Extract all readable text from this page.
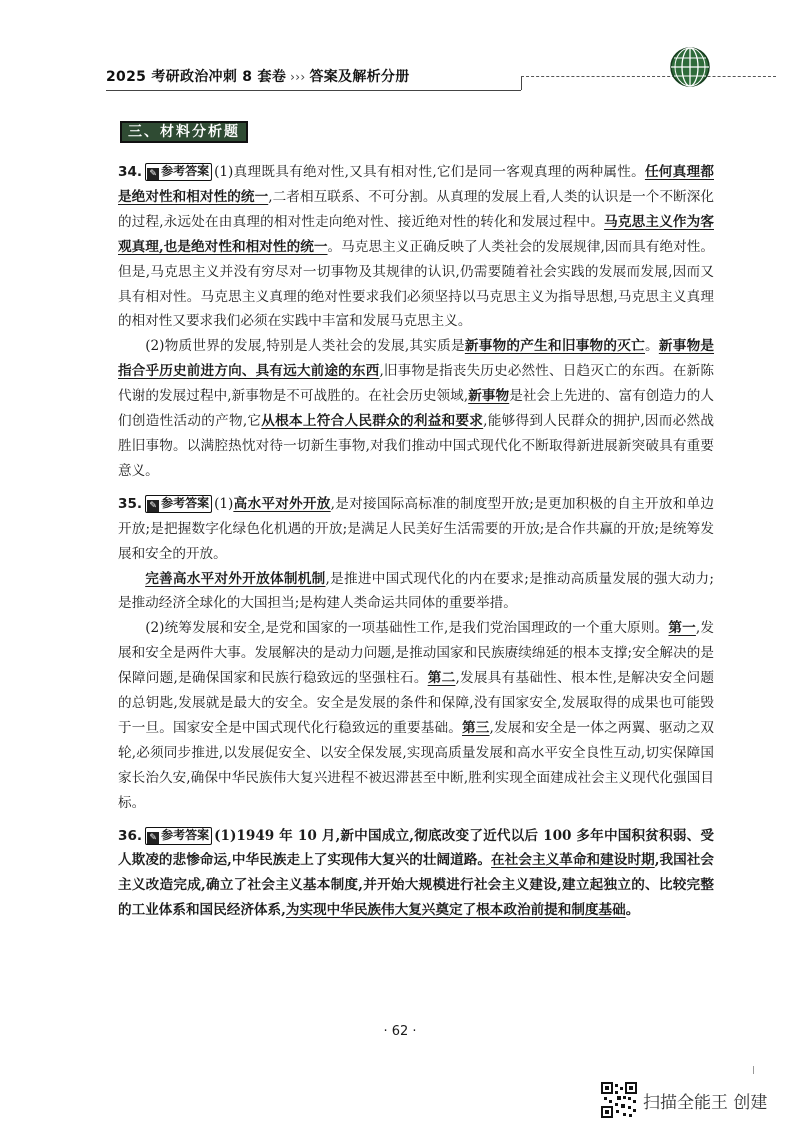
2025 考研政治冲刺 8 套卷 ››› 答案及解析分册
三、材料分析题

34. ✎ 参考答案 (1)真理既具有绝对性,又具有相对性,它们是同一客观真理的两种属性。任何真理都是绝对性和相对性的统一,二者相互联系、不可分割。从真理的发展上看,人类的认识是一个不断深化的过程,永远处在由真理的相对性走向绝对性、接近绝对性的转化和发展过程中。马克思主义作为客观真理,也是绝对性和相对性的统一。马克思主义正确反映了人类社会的发展规律,因而具有绝对性。但是,马克思主义并没有穷尽对一切事物及其规律的认识,仍需要随着社会实践的发展而发展,因而又具有相对性。马克思主义真理的绝对性要求我们必须坚持以马克思主义为指导思想,马克思主义真理的相对性又要求我们必须在实践中丰富和发展马克思主义。

(2)物质世界的发展,特别是人类社会的发展,其实质是新事物的产生和旧事物的灭亡。新事物是指合乎历史前进方向、具有远大前途的东西,旧事物是指丧失历史必然性、日趋灭亡的东西。在新陈代谢的发展过程中,新事物是不可战胜的。在社会历史领域,新事物是社会上先进的、富有创造力的人们创造性活动的产物,它从根本上符合人民群众的利益和要求,能够得到人民群众的拥护,因而必然战胜旧事物。以满腔热忱对待一切新生事物,对我们推动中国式现代化不断取得新进展新突破具有重要意义。

35. ✎ 参考答案 (1)高水平对外开放,是对接国际高标准的制度型开放;是更加积极的自主开放和单边开放;是把握数字化绿色化机遇的开放;是满足人民美好生活需要的开放;是合作共赢的开放;是统筹发展和安全的开放。

完善高水平对外开放体制机制,是推进中国式现代化的内在要求;是推动高质量发展的强大动力;是推动经济全球化的大国担当;是构建人类命运共同体的重要举措。

(2)统筹发展和安全,是党和国家的一项基础性工作,是我们党治国理政的一个重大原则。第一,发展和安全是两件大事。发展解决的是动力问题,是推动国家和民族赓续绵延的根本支撑;安全解决的是保障问题,是确保国家和民族行稳致远的坚强柱石。第二,发展具有基础性、根本性,是解决安全问题的总钥匙,发展就是最大的安全。安全是发展的条件和保障,没有国家安全,发展取得的成果也可能毁于一旦。国家安全是中国式现代化行稳致远的重要基础。第三,发展和安全是一体之两翼、驱动之双轮,必须同步推进,以发展促安全、以安全保发展,实现高质量发展和高水平安全良性互动,切实保障国家长治久安,确保中华民族伟大复兴进程不被迟滞甚至中断,胜利实现全面建成社会主义现代化强国目标。

36. ✎ 参考答案 (1)1949 年 10 月,新中国成立,彻底改变了近代以后 100 多年中国积贫积弱、受人欺凌的悲惨命运,中华民族走上了实现伟大复兴的壮阔道路。在社会主义革命和建设时期,我国社会主义改造完成,确立了社会主义基本制度,并开始大规模进行社会主义建设,建立起独立的、比较完整的工业体系和国民经济体系,为实现中华民族伟大复兴奠定了根本政治前提和制度基础。

· 62 ·
扫描全能王 创建
